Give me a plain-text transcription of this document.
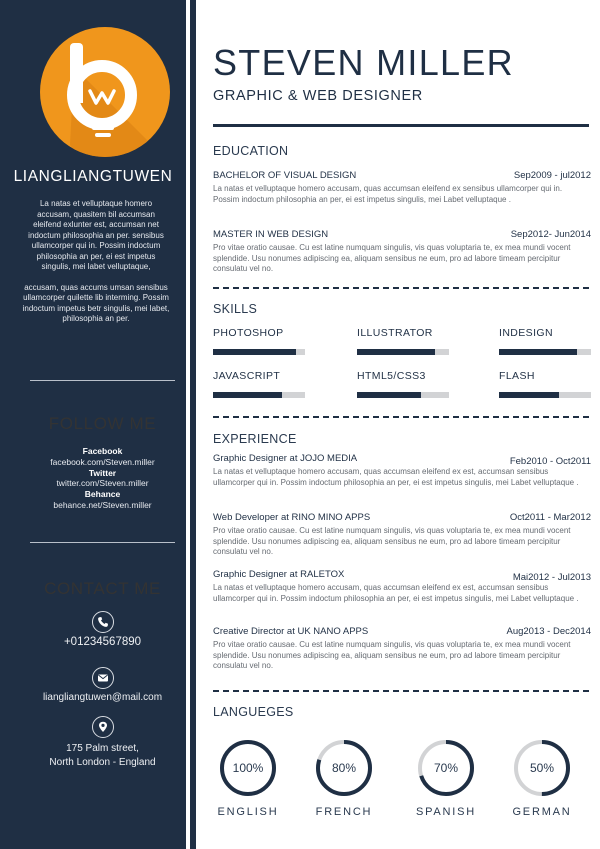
LIANGLIANGTUWEN

La natas et velluptaque homero accusam, quasitem bil accumsan eleifend exlunter est, accumsan net indoctum philosophia an per. sensibus ullamcorper qui in. Possim indoctum philosophia an per, ei est impetus singulis, mei labet velluptaque,

accusam, quas accums umsan sensibus ullamcorper quilette lib interming. Possim indoctum impetus betr singulis, mei labet, philosophia an per.

FOLLOW ME
Facebook
facebook.com/Steven.miller
Twitter
twitter.com/Steven.miller
Behance
behance.net/Steven.miller
CONTACT ME
+01234567890
liangliangtuwen@mail.com
175 Palm street,
North London - England
STEVEN MILLER
GRAPHIC & WEB DESIGNER
EDUCATION
BACHELOR OF VISUAL DESIGN	Sep2009 - jul2012
La natas et velluptaque homero accusam, quas accumsan eleifend ex sensibus ullamcorper qui in. Possim indoctum philosophia an per, ei est impetus singulis, mei Labet velluptaque .
MASTER IN WEB DESIGN	Sep2012- Jun2014
Pro vitae oratio causae. Cu est latine numquam singulis, vis quas voluptaria te, ex mea mundi vocent splendide. Usu nonumes adipiscing ea, aliquam sensibus ne eum, pro ad labore timeam percipitur consulatu vel no.
SKILLS
PHOTOSHOP	ILLUSTRATOR	INDESIGN
JAVASCRIPT	HTML5/CSS3	FLASH
EXPERIENCE
Graphic Designer at JOJO MEDIA	Feb2010 - Oct2011
La natas et velluptaque homero accusam, quas accumsan eleifend ex est, accumsan sensibus ullamcorper qui in. Possim indoctum philosophia an per, ei est impetus singulis, mei Labet velluptaque .
Web Developer at RINO MINO APPS	Oct2011 - Mar2012
Pro vitae oratio causae. Cu est latine numquam singulis, vis quas voluptaria te, ex mea mundi vocent splendide. Usu nonumes adipiscing ea, aliquam sensibus ne eum, pro ad labore timeam percipitur consulatu vel no.
Graphic Designer at RALETOX	Mai2012 - Jul2013
La natas et velluptaque homero accusam, quas accumsan eleifend ex est, accumsan sensibus ullamcorper qui in. Possim indoctum philosophia an per, ei est impetus singulis, mei Labet velluptaque .
Creative Director at UK NANO APPS	Aug2013 - Dec2014
Pro vitae oratio causae. Cu est latine numquam singulis, vis quas voluptaria te, ex mea mundi vocent splendide. Usu nonumes adipiscing ea, aliquam sensibus ne eum, pro ad labore timeam percipitur consulatu vel no.
LANGUEGES
100%
ENGLISH
80%
FRENCH
70%
SPANISH
50%
GERMAN
